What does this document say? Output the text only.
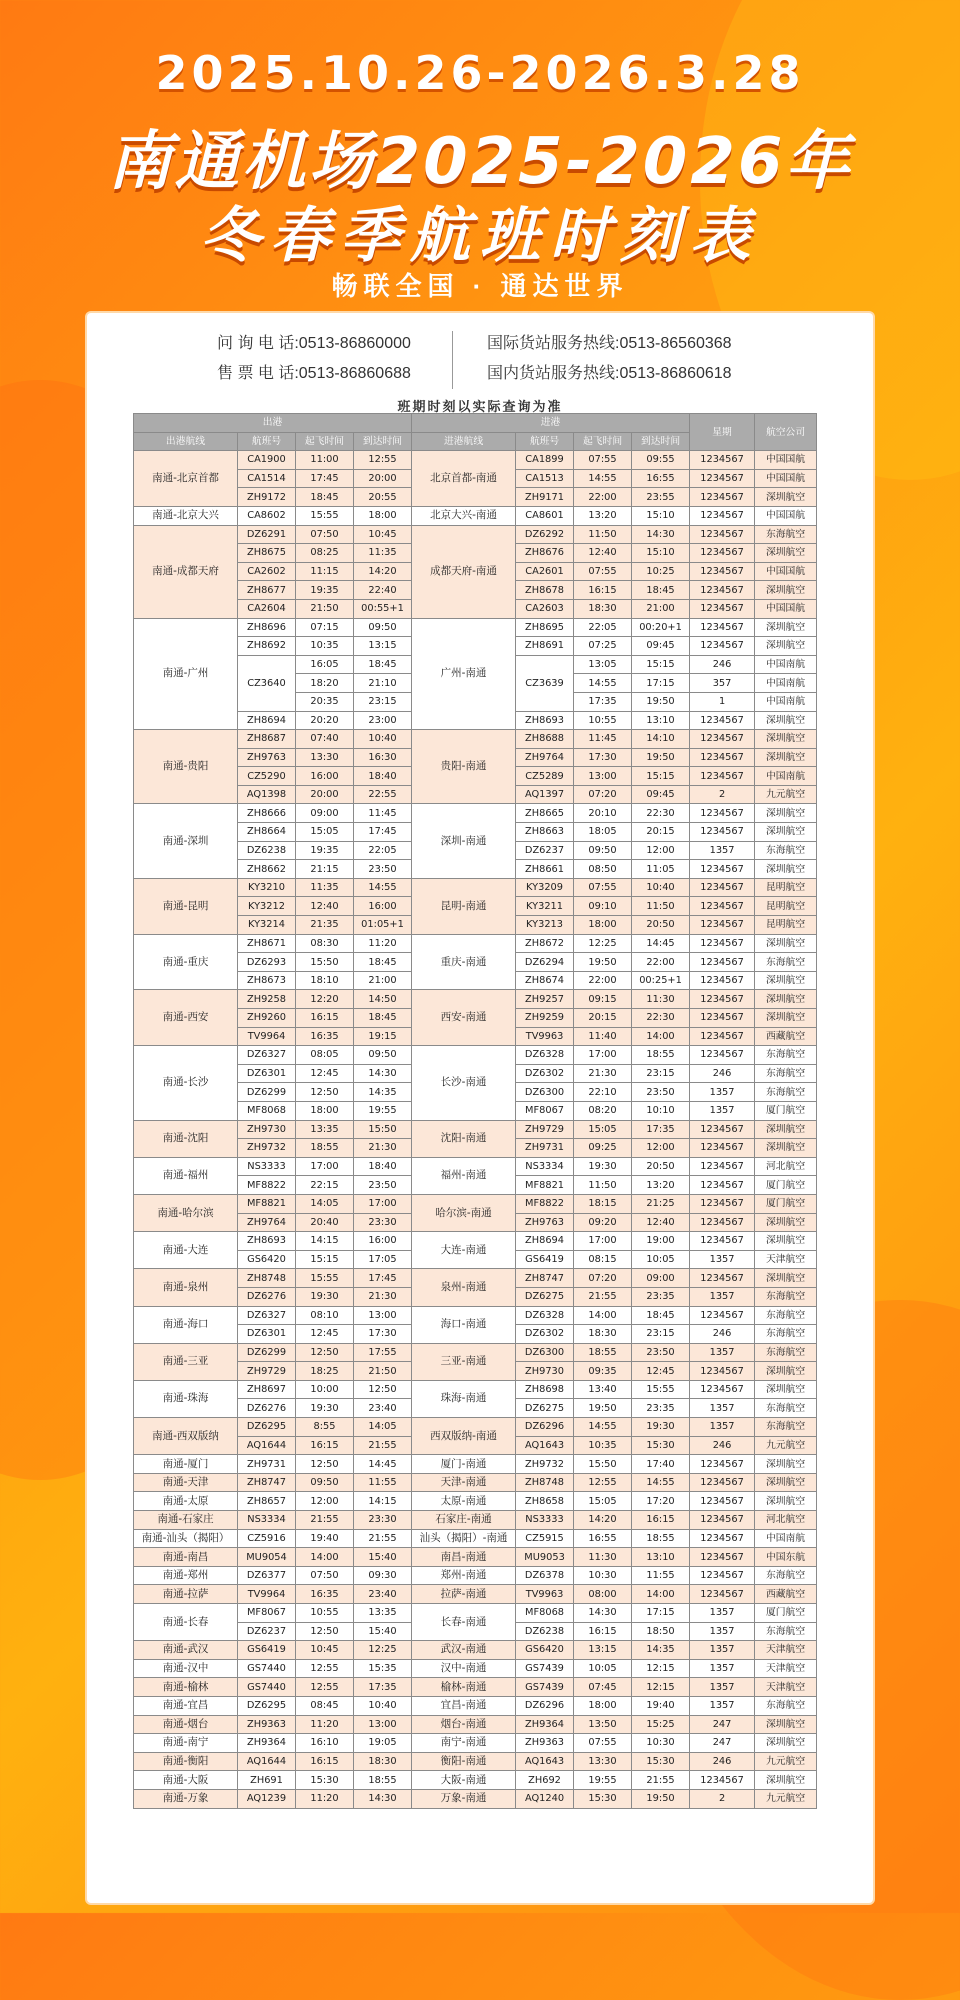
2025.10.26-2026.3.28
南通机场2025-2026年
冬春季航班时刻表
畅联全国 · 通达世界
问 询 电 话:0513-86860000
售 票 电 话:0513-86860688
国际货站服务热线:0513-86560368
国内货站服务热线:0513-86860618
班期时刻以实际查询为准
出港				进港				星期	航空公司
出港航线	航班号	起飞时间	到达时间	进港航线	航班号	起飞时间	到达时间		
南通-北京首都	CA1900	11:00	12:55	北京首都-南通	CA1899	07:55	09:55	1234567	中国国航
	CA1514	17:45	20:00		CA1513	14:55	16:55	1234567	中国国航
	ZH9172	18:45	20:55		ZH9171	22:00	23:55	1234567	深圳航空
南通-北京大兴	CA8602	15:55	18:00	北京大兴-南通	CA8601	13:20	15:10	1234567	中国国航
南通-成都天府	DZ6291	07:50	10:45	成都天府-南通	DZ6292	11:50	14:30	1234567	东海航空
	ZH8675	08:25	11:35		ZH8676	12:40	15:10	1234567	深圳航空
	CA2602	11:15	14:20		CA2601	07:55	10:25	1234567	中国国航
	ZH8677	19:35	22:40		ZH8678	16:15	18:45	1234567	深圳航空
	CA2604	21:50	00:55+1		CA2603	18:30	21:00	1234567	中国国航
南通-广州	ZH8696	07:15	09:50	广州-南通	ZH8695	22:05	00:20+1	1234567	深圳航空
	ZH8692	10:35	13:15		ZH8691	07:25	09:45	1234567	深圳航空
	CZ3640	16:05	18:45		CZ3639	13:05	15:15	246	中国南航
		18:20	21:10			14:55	17:15	357	中国南航
		20:35	23:15			17:35	19:50	1	中国南航
	ZH8694	20:20	23:00		ZH8693	10:55	13:10	1234567	深圳航空
南通-贵阳	ZH8687	07:40	10:40	贵阳-南通	ZH8688	11:45	14:10	1234567	深圳航空
	ZH9763	13:30	16:30		ZH9764	17:30	19:50	1234567	深圳航空
	CZ5290	16:00	18:40		CZ5289	13:00	15:15	1234567	中国南航
	AQ1398	20:00	22:55		AQ1397	07:20	09:45	2	九元航空
南通-深圳	ZH8666	09:00	11:45	深圳-南通	ZH8665	20:10	22:30	1234567	深圳航空
	ZH8664	15:05	17:45		ZH8663	18:05	20:15	1234567	深圳航空
	DZ6238	19:35	22:05		DZ6237	09:50	12:00	1357	东海航空
	ZH8662	21:15	23:50		ZH8661	08:50	11:05	1234567	深圳航空
南通-昆明	KY3210	11:35	14:55	昆明-南通	KY3209	07:55	10:40	1234567	昆明航空
	KY3212	12:40	16:00		KY3211	09:10	11:50	1234567	昆明航空
	KY3214	21:35	01:05+1		KY3213	18:00	20:50	1234567	昆明航空
南通-重庆	ZH8671	08:30	11:20	重庆-南通	ZH8672	12:25	14:45	1234567	深圳航空
	DZ6293	15:50	18:45		DZ6294	19:50	22:00	1234567	东海航空
	ZH8673	18:10	21:00		ZH8674	22:00	00:25+1	1234567	深圳航空
南通-西安	ZH9258	12:20	14:50	西安-南通	ZH9257	09:15	11:30	1234567	深圳航空
	ZH9260	16:15	18:45		ZH9259	20:15	22:30	1234567	深圳航空
	TV9964	16:35	19:15		TV9963	11:40	14:00	1234567	西藏航空
南通-长沙	DZ6327	08:05	09:50	长沙-南通	DZ6328	17:00	18:55	1234567	东海航空
	DZ6301	12:45	14:30		DZ6302	21:30	23:15	246	东海航空
	DZ6299	12:50	14:35		DZ6300	22:10	23:50	1357	东海航空
	MF8068	18:00	19:55		MF8067	08:20	10:10	1357	厦门航空
南通-沈阳	ZH9730	13:35	15:50	沈阳-南通	ZH9729	15:05	17:35	1234567	深圳航空
	ZH9732	18:55	21:30		ZH9731	09:25	12:00	1234567	深圳航空
南通-福州	NS3333	17:00	18:40	福州-南通	NS3334	19:30	20:50	1234567	河北航空
	MF8822	22:15	23:50		MF8821	11:50	13:20	1234567	厦门航空
南通-哈尔滨	MF8821	14:05	17:00	哈尔滨-南通	MF8822	18:15	21:25	1234567	厦门航空
	ZH9764	20:40	23:30		ZH9763	09:20	12:40	1234567	深圳航空
南通-大连	ZH8693	14:15	16:00	大连-南通	ZH8694	17:00	19:00	1234567	深圳航空
	GS6420	15:15	17:05		GS6419	08:15	10:05	1357	天津航空
南通-泉州	ZH8748	15:55	17:45	泉州-南通	ZH8747	07:20	09:00	1234567	深圳航空
	DZ6276	19:30	21:30		DZ6275	21:55	23:35	1357	东海航空
南通-海口	DZ6327	08:10	13:00	海口-南通	DZ6328	14:00	18:45	1234567	东海航空
	DZ6301	12:45	17:30		DZ6302	18:30	23:15	246	东海航空
南通-三亚	DZ6299	12:50	17:55	三亚-南通	DZ6300	18:55	23:50	1357	东海航空
	ZH9729	18:25	21:50		ZH9730	09:35	12:45	1234567	深圳航空
南通-珠海	ZH8697	10:00	12:50	珠海-南通	ZH8698	13:40	15:55	1234567	深圳航空
	DZ6276	19:30	23:40		DZ6275	19:50	23:35	1357	东海航空
南通-西双版纳	DZ6295	8:55	14:05	西双版纳-南通	DZ6296	14:55	19:30	1357	东海航空
	AQ1644	16:15	21:55		AQ1643	10:35	15:30	246	九元航空
南通-厦门	ZH9731	12:50	14:45	厦门-南通	ZH9732	15:50	17:40	1234567	深圳航空
南通-天津	ZH8747	09:50	11:55	天津-南通	ZH8748	12:55	14:55	1234567	深圳航空
南通-太原	ZH8657	12:00	14:15	太原-南通	ZH8658	15:05	17:20	1234567	深圳航空
南通-石家庄	NS3334	21:55	23:30	石家庄-南通	NS3333	14:20	16:15	1234567	河北航空
南通-汕头（揭阳）	CZ5916	19:40	21:55	汕头（揭阳）-南通	CZ5915	16:55	18:55	1234567	中国南航
南通-南昌	MU9054	14:00	15:40	南昌-南通	MU9053	11:30	13:10	1234567	中国东航
南通-郑州	DZ6377	07:50	09:30	郑州-南通	DZ6378	10:30	11:55	1234567	东海航空
南通-拉萨	TV9964	16:35	23:40	拉萨-南通	TV9963	08:00	14:00	1234567	西藏航空
南通-长春	MF8067	10:55	13:35	长春-南通	MF8068	14:30	17:15	1357	厦门航空
	DZ6237	12:50	15:40		DZ6238	16:15	18:50	1357	东海航空
南通-武汉	GS6419	10:45	12:25	武汉-南通	GS6420	13:15	14:35	1357	天津航空
南通-汉中	GS7440	12:55	15:35	汉中-南通	GS7439	10:05	12:15	1357	天津航空
南通-榆林	GS7440	12:55	17:35	榆林-南通	GS7439	07:45	12:15	1357	天津航空
南通-宜昌	DZ6295	08:45	10:40	宜昌-南通	DZ6296	18:00	19:40	1357	东海航空
南通-烟台	ZH9363	11:20	13:00	烟台-南通	ZH9364	13:50	15:25	247	深圳航空
南通-南宁	ZH9364	16:10	19:05	南宁-南通	ZH9363	07:55	10:30	247	深圳航空
南通-衡阳	AQ1644	16:15	18:30	衡阳-南通	AQ1643	13:30	15:30	246	九元航空
南通-大阪	ZH691	15:30	18:55	大阪-南通	ZH692	19:55	21:55	1234567	深圳航空
南通-万象	AQ1239	11:20	14:30	万象-南通	AQ1240	15:30	19:50	2	九元航空
